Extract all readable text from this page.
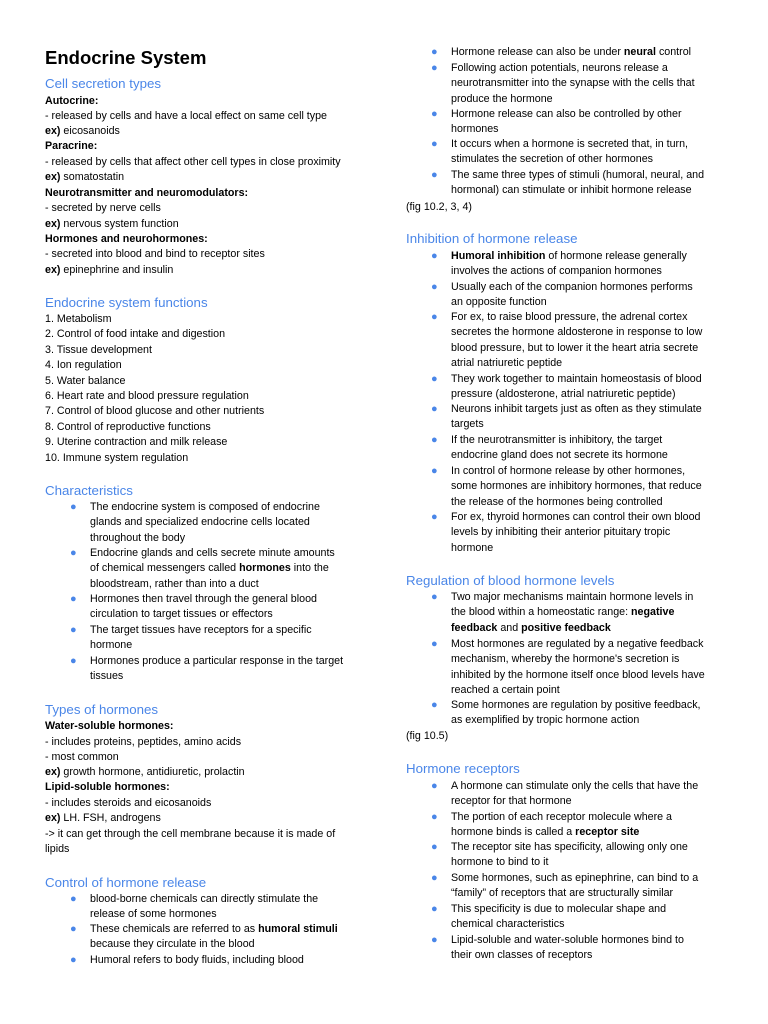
Endocrine System
Cell secretion types
Autocrine:
- released by cells and have a local effect on same cell type
ex) eicosanoids
Paracrine:
- released by cells that affect other cell types in close proximity
ex) somatostatin
Neurotransmitter and neuromodulators:
- secreted by nerve cells
ex) nervous system function
Hormones and neurohormones:
- secreted into blood and bind to receptor sites
ex) epinephrine and insulin
Endocrine system functions
1. Metabolism
2. Control of food intake and digestion
3. Tissue development
4. Ion regulation
5. Water balance
6. Heart rate and blood pressure regulation
7. Control of blood glucose and other nutrients
8. Control of reproductive functions
9. Uterine contraction and milk release
10. Immune system regulation
Characteristics
● The endocrine system is composed of endocrine
glands and specialized endocrine cells located
throughout the body
● Endocrine glands and cells secrete minute amounts
of chemical messengers called hormones into the
bloodstream, rather than into a duct
● Hormones then travel through the general blood
circulation to target tissues or effectors
● The target tissues have receptors for a specific
hormone
● Hormones produce a particular response in the target
tissues
Types of hormones
Water-soluble hormones:
- includes proteins, peptides, amino acids
- most common
ex) growth hormone, antidiuretic, prolactin
Lipid-soluble hormones:
- includes steroids and eicosanoids
ex) LH. FSH, androgens
-> it can get through the cell membrane because it is made of
lipids
Control of hormone release
● blood-borne chemicals can directly stimulate the
release of some hormones
● These chemicals are referred to as humoral stimuli
because they circulate in the blood
● Humoral refers to body fluids, including blood
● Hormone release can also be under neural control
● Following action potentials, neurons release a
neurotransmitter into the synapse with the cells that
produce the hormone
● Hormone release can also be controlled by other
hormones
● It occurs when a hormone is secreted that, in turn,
stimulates the secretion of other hormones
● The same three types of stimuli (humoral, neural, and
hormonal) can stimulate or inhibit hormone release
(fig 10.2, 3, 4)
Inhibition of hormone release
● Humoral inhibition of hormone release generally
involves the actions of companion hormones
● Usually each of the companion hormones performs
an opposite function
● For ex, to raise blood pressure, the adrenal cortex
secretes the hormone aldosterone in response to low
blood pressure, but to lower it the heart atria secrete
atrial natriuretic peptide
● They work together to maintain homeostasis of blood
pressure (aldosterone, atrial natriuretic peptide)
● Neurons inhibit targets just as often as they stimulate
targets
● If the neurotransmitter is inhibitory, the target
endocrine gland does not secrete its hormone
● In control of hormone release by other hormones,
some hormones are inhibitory hormones, that reduce
the release of the hormones being controlled
● For ex, thyroid hormones can control their own blood
levels by inhibiting their anterior pituitary tropic
hormone
Regulation of blood hormone levels
● Two major mechanisms maintain hormone levels in
the blood within a homeostatic range: negative
feedback and positive feedback
● Most hormones are regulated by a negative feedback
mechanism, whereby the hormone's secretion is
inhibited by the hormone itself once blood levels have
reached a certain point
● Some hormones are regulation by positive feedback,
as exemplified by tropic hormone action
(fig 10.5)
Hormone receptors
● A hormone can stimulate only the cells that have the
receptor for that hormone
● The portion of each receptor molecule where a
hormone binds is called a receptor site
● The receptor site has specificity, allowing only one
hormone to bind to it
● Some hormones, such as epinephrine, can bind to a
“family” of receptors that are structurally similar
● This specificity is due to molecular shape and
chemical characteristics
● Lipid-soluble and water-soluble hormones bind to
their own classes of receptors
